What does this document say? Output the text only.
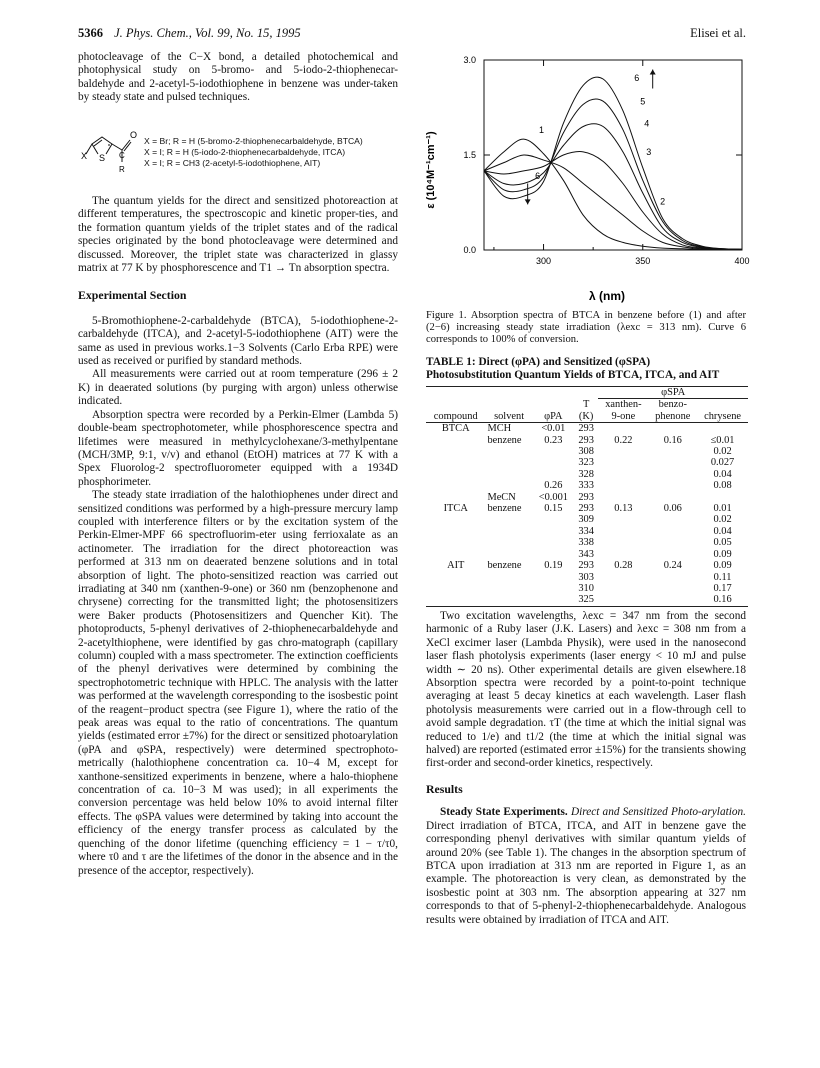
5366 J. Phys. Chem., Vol. 99, No. 15, 1995	Elisei et al.

photocleavage of the C−X bond, a detailed photochemical and photophysical study on 5-bromo- and 5-iodo-2-thiophenecar-baldehyde and 2-acetyl-5-iodothiophene in benzene was under-taken by steady state and pulsed techniques.

X S C
O
R
X = Br; R = H (5-bromo-2-thiophenecarbaldehyde, BTCA)
X = I; R = H (5-iodo-2-thiophenecarbaldehyde, ITCA)
X = I; R = CH3 (2-acetyl-5-iodothiophene, AIT)

The quantum yields for the direct and sensitized photoreaction at different temperatures, the spectroscopic and kinetic proper-ties, and the formation quantum yields of the triplet states and of the radical species originated by the bond photocleavage were determined and discussed. Moreover, the triplet state was characterized in glassy matrix at 77 K by phosphorescence and T1 → Tn absorption spectra.

Experimental Section

5-Bromothiophene-2-carbaldehyde (BTCA), 5-iodothiophene-2-carbaldehyde (ITCA), and 2-acetyl-5-iodothiophene (AIT) were the same as used in previous works.1−3 Solvents (Carlo Erba RPE) were used as received or purified by standard methods.

All measurements were carried out at room temperature (296 ± 2 K) in deaerated solutions (by purging with argon) unless otherwise indicated.

Absorption spectra were recorded by a Perkin-Elmer (Lambda 5) double-beam spectrophotometer, while phosphorescence spectra and lifetimes were measured in methylcyclohexane/3-methylpentane (MCH/3MP, 9:1, v/v) and ethanol (EtOH) matrices at 77 K with a Spex Fluorolog-2 spectrofluorometer equipped with a 1934D phosphorimeter.

The steady state irradiation of the halothiophenes under direct and sensitized conditions was performed by a high-pressure mercury lamp coupled with interference filters or by the excitation system of the Perkin-Elmer-MPF 66 spectrofluorim-eter using ferrioxalate as an actinometer. The irradiation for the direct photoreaction was performed at 313 nm on deaerated benzene solutions and in total absorption of light. The photo-sensitized reaction was carried out irradiating at 340 nm (xanthen-9-one) or 360 nm (benzophenone and chrysene) correcting for the transmitted light; the photosensitizers were Baker products (Photosensitizers and Quencher Kit). The photoproducts, 5-phenyl derivatives of 2-thiophenecarbaldehyde and 2-acetylthiophene, were identified by gas chro-matograph (capillary column) coupled with a mass spectrometer. The extinction coefficients of the phenyl derivatives were determined by combining the spectrophotometric technique with HPLC. The analysis with the latter was performed at the wavelength corresponding to the isosbestic point of the reagent−product spectra (see Figure 1), where the ratio of the peak areas was equal to the ratio of concentrations. The quantum yields (estimated error ±7%) for the direct or sensitized photoarylation (φPA and φSPA, respectively) were determined spectrophoto-metrically (halothiophene concentration ca. 10−4 M, except for xanthone-sensitized experiments in benzene, where a halo-thiophene concentration of ca. 10−3 M was used); in all experiments the conversion percentage was held below 10% to avoid internal filter effects. The φSPA values were determined by taking into account the efficiency of the energy transfer process as calculated by the quenching of the donor lifetime (quenching efficiency = 1 − τ/τ0, where τ0 and τ are the lifetimes of the donor in the absence and in the presence of the acceptor, respectively).

300	350	400
0.0
1.5
3.0
1
2
3
4
5
6
6
ε (10⁴M⁻¹cm⁻¹)
λ (nm)

Figure 1. Absorption spectra of BTCA in benzene before (1) and after (2−6) increasing steady state irradiation (λexc = 313 nm). Curve 6 corresponds to 100% of conversion.

TABLE 1: Direct (φPA) and Sensitized (φSPA)
Photosubstitution Quantum Yields of BTCA, ITCA, and AIT
				φSPA		
			T	xanthen-	benzo-	
compound	solvent	φPA	(K)	9-one	phenone	chrysene
BTCA	MCH	<0.01	293			
	benzene	0.23	293	0.22	0.16	≤0.01
			308			0.02
			323			0.027
			328			0.04
		0.26	333			0.08
	MeCN	<0.001	293			
ITCA	benzene	0.15	293	0.13	0.06	0.01
			309			0.02
			334			0.04
			338			0.05
			343			0.09
AIT	benzene	0.19	293	0.28	0.24	0.09
			303			0.11
			310			0.17
			325			0.16

Two excitation wavelengths, λexc = 347 nm from the second harmonic of a Ruby laser (J.K. Lasers) and λexc = 308 nm from a XeCl excimer laser (Lambda Physik), were used in the nanosecond laser flash photolysis experiments (laser energy < 10 mJ and pulse width ∼ 20 ns). Other experimental details are given elsewhere.18 Absorption spectra were recorded by a point-to-point technique averaging at least 5 decay kinetics at each wavelength. Laser flash photolysis measurements were carried out in a flow-through cell to avoid sample degradation. τT (the time at which the initial signal was reduced to 1/e) and t1/2 (the time at which the initial signal was halved) are reported (estimated error ±15%) for the transients showing first-order and second-order kinetics, respectively.

Results

Steady State Experiments. Direct and Sensitized Photo-arylation. Direct irradiation of BTCA, ITCA, and AIT in benzene gave the corresponding phenyl derivatives with similar quantum yields of around 20% (see Table 1). The changes in the absorption spectrum of BTCA upon irradiation at 313 nm are reported in Figure 1, as an example. The photoreaction is very clean, as demonstrated by the isosbestic point at 303 nm. The absorption appearing at 327 nm corresponds to that of 5-phenyl-2-thiophenecarbaldehyde. Analogous results were obtained by irradiation of ITCA and AIT.
